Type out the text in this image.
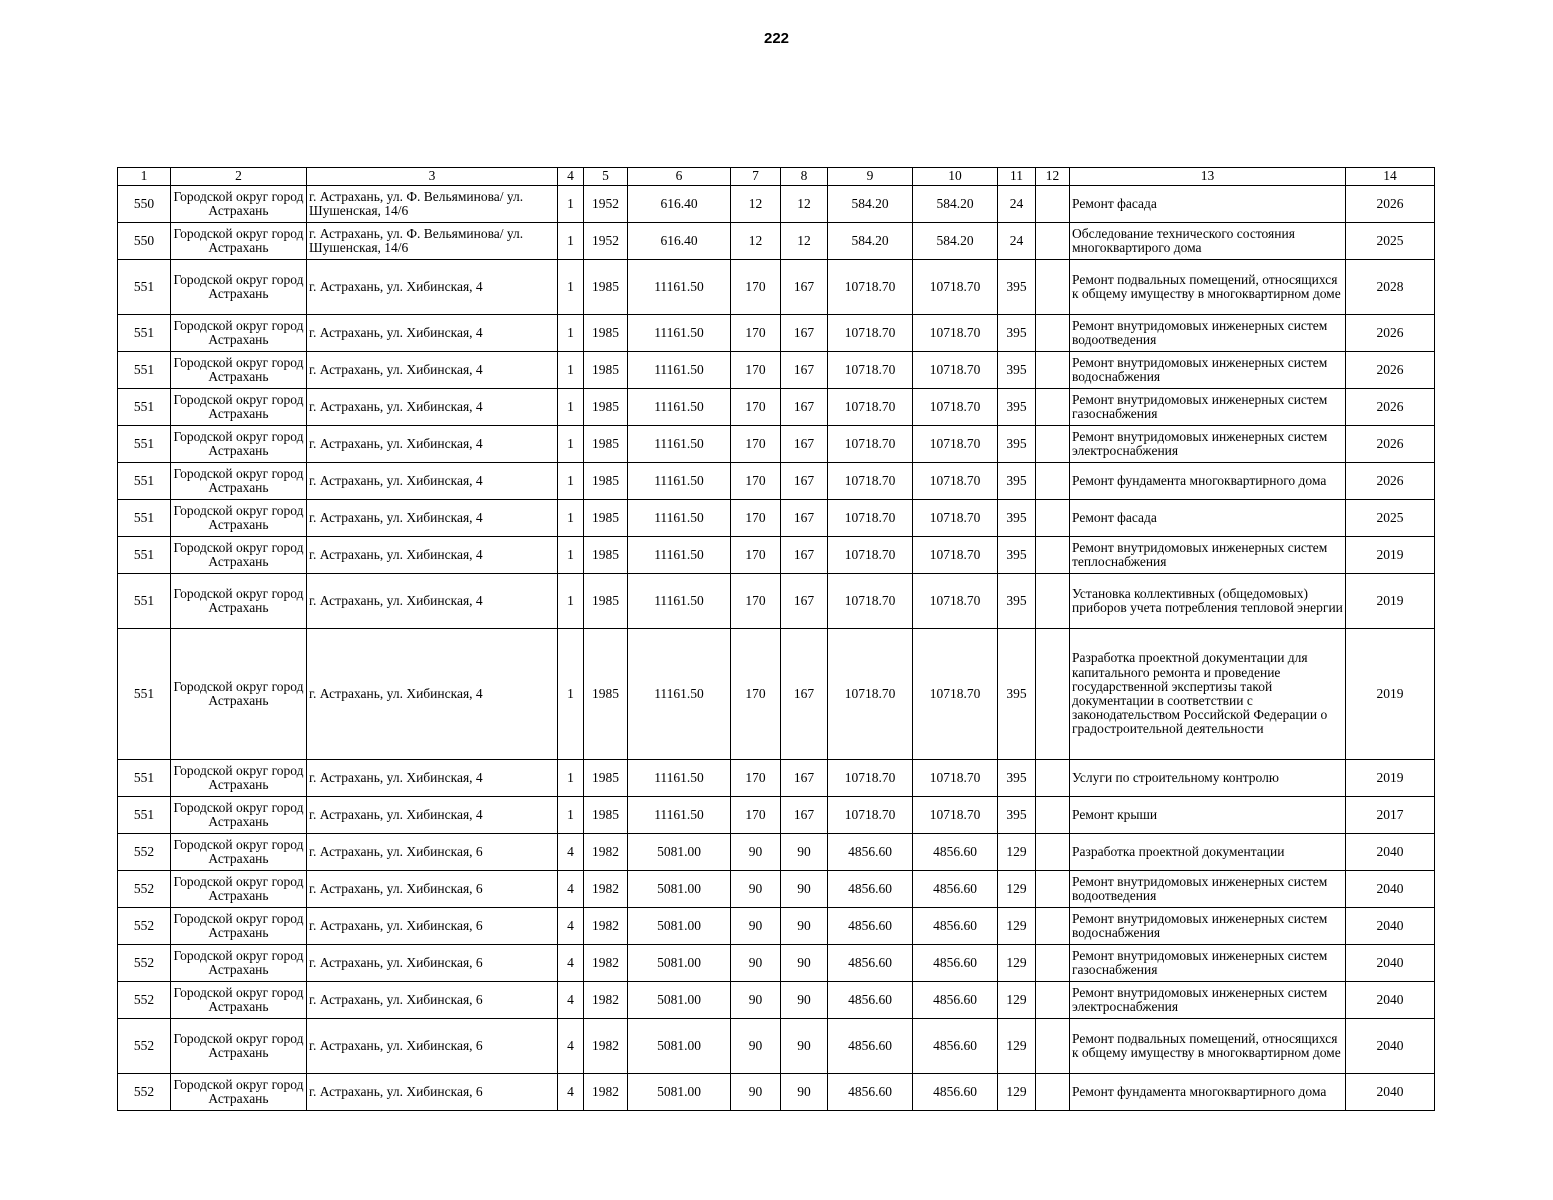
222
1	2	3	4	5	6	7	8	9	10	11	12	13	14
550	Городской округ город Астрахань	г. Астрахань, ул. Ф. Вельяминова/ ул. Шушенская, 14/6	1	1952	616.40	12	12	584.20	584.20	24		Ремонт фасада	2026
550	Городской округ город Астрахань	г. Астрахань, ул. Ф. Вельяминова/ ул. Шушенская, 14/6	1	1952	616.40	12	12	584.20	584.20	24		Обследование технического состояния многоквартирого дома	2025
551	Городской округ город Астрахань	г. Астрахань, ул. Хибинская, 4	1	1985	11161.50	170	167	10718.70	10718.70	395		Ремонт подвальных помещений, относящихся к общему имуществу в многоквартирном доме	2028
551	Городской округ город Астрахань	г. Астрахань, ул. Хибинская, 4	1	1985	11161.50	170	167	10718.70	10718.70	395		Ремонт внутридомовых инженерных систем водоотведения	2026
551	Городской округ город Астрахань	г. Астрахань, ул. Хибинская, 4	1	1985	11161.50	170	167	10718.70	10718.70	395		Ремонт внутридомовых инженерных систем водоснабжения	2026
551	Городской округ город Астрахань	г. Астрахань, ул. Хибинская, 4	1	1985	11161.50	170	167	10718.70	10718.70	395		Ремонт внутридомовых инженерных систем газоснабжения	2026
551	Городской округ город Астрахань	г. Астрахань, ул. Хибинская, 4	1	1985	11161.50	170	167	10718.70	10718.70	395		Ремонт внутридомовых инженерных систем электроснабжения	2026
551	Городской округ город Астрахань	г. Астрахань, ул. Хибинская, 4	1	1985	11161.50	170	167	10718.70	10718.70	395		Ремонт фундамента многоквартирного дома	2026
551	Городской округ город Астрахань	г. Астрахань, ул. Хибинская, 4	1	1985	11161.50	170	167	10718.70	10718.70	395		Ремонт фасада	2025
551	Городской округ город Астрахань	г. Астрахань, ул. Хибинская, 4	1	1985	11161.50	170	167	10718.70	10718.70	395		Ремонт внутридомовых инженерных систем теплоснабжения	2019
551	Городской округ город Астрахань	г. Астрахань, ул. Хибинская, 4	1	1985	11161.50	170	167	10718.70	10718.70	395		Установка коллективных (общедомовых) приборов учета потребления тепловой энергии	2019
551	Городской округ город Астрахань	г. Астрахань, ул. Хибинская, 4	1	1985	11161.50	170	167	10718.70	10718.70	395		Разработка проектной документации для капитального ремонта и проведение государственной экспертизы такой документации в соответствии с законодательством Российской Федерации о градостроительной деятельности	2019
551	Городской округ город Астрахань	г. Астрахань, ул. Хибинская, 4	1	1985	11161.50	170	167	10718.70	10718.70	395		Услуги по строительному контролю	2019
551	Городской округ город Астрахань	г. Астрахань, ул. Хибинская, 4	1	1985	11161.50	170	167	10718.70	10718.70	395		Ремонт крыши	2017
552	Городской округ город Астрахань	г. Астрахань, ул. Хибинская, 6	4	1982	5081.00	90	90	4856.60	4856.60	129		Разработка проектной документации	2040
552	Городской округ город Астрахань	г. Астрахань, ул. Хибинская, 6	4	1982	5081.00	90	90	4856.60	4856.60	129		Ремонт внутридомовых инженерных систем водоотведения	2040
552	Городской округ город Астрахань	г. Астрахань, ул. Хибинская, 6	4	1982	5081.00	90	90	4856.60	4856.60	129		Ремонт внутридомовых инженерных систем водоснабжения	2040
552	Городской округ город Астрахань	г. Астрахань, ул. Хибинская, 6	4	1982	5081.00	90	90	4856.60	4856.60	129		Ремонт внутридомовых инженерных систем газоснабжения	2040
552	Городской округ город Астрахань	г. Астрахань, ул. Хибинская, 6	4	1982	5081.00	90	90	4856.60	4856.60	129		Ремонт внутридомовых инженерных систем электроснабжения	2040
552	Городской округ город Астрахань	г. Астрахань, ул. Хибинская, 6	4	1982	5081.00	90	90	4856.60	4856.60	129		Ремонт подвальных помещений, относящихся к общему имуществу в многоквартирном доме	2040
552	Городской округ город Астрахань	г. Астрахань, ул. Хибинская, 6	4	1982	5081.00	90	90	4856.60	4856.60	129		Ремонт фундамента многоквартирного дома	2040
